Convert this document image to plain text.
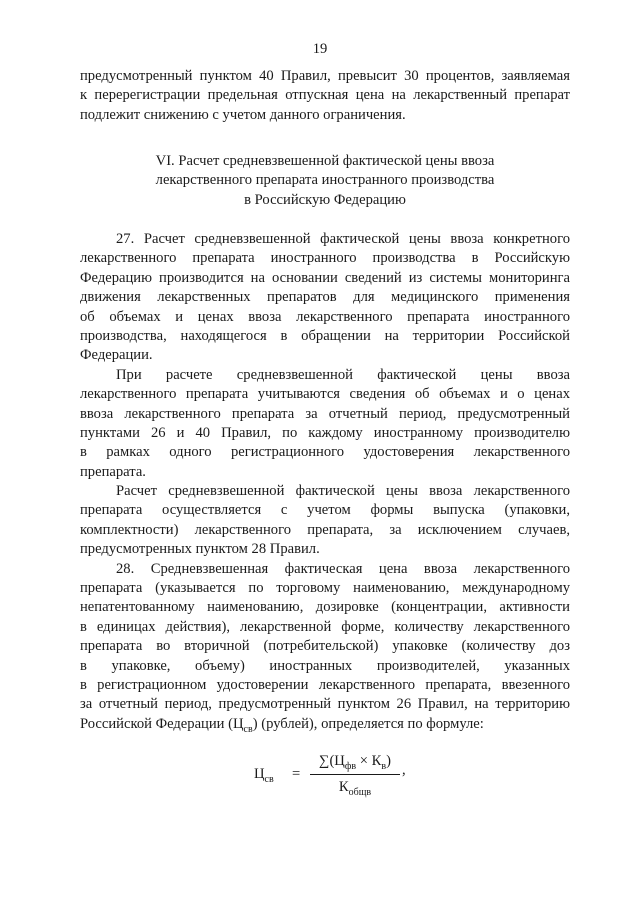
19
предусмотренный пунктом 40 Правил, превысит 30 процентов, заявляемая
к перерегистрации предельная отпускная цена на лекарственный препарат
подлежит снижению с учетом данного ограничения.
VI. Расчет средневзвешенной фактической цены ввоза
лекарственного препарата иностранного производства
в Российскую Федерацию
27. Расчет средневзвешенной фактической цены ввоза конкретного
лекарственного препарата иностранного производства в Российскую
Федерацию производится на основании сведений из системы мониторинга
движения лекарственных препаратов для медицинского применения
об объемах и ценах ввоза лекарственного препарата иностранного
производства, находящегося в обращении на территории Российской
Федерации.
При расчете средневзвешенной фактической цены ввоза
лекарственного препарата учитываются сведения об объемах и о ценах
ввоза лекарственного препарата за отчетный период, предусмотренный
пунктами 26 и 40 Правил, по каждому иностранному производителю
в рамках одного регистрационного удостоверения лекарственного
препарата.
Расчет средневзвешенной фактической цены ввоза лекарственного
препарата осуществляется с учетом формы выпуска (упаковки,
комплектности) лекарственного препарата, за исключением случаев,
предусмотренных пунктом 28 Правил.
28. Средневзвешенная фактическая цена ввоза лекарственного
препарата (указывается по торговому наименованию, международному
непатентованному наименованию, дозировке (концентрации, активности
в единицах действия), лекарственной форме, количеству лекарственного
препарата во вторичной (потребительской) упаковке (количеству доз
в упаковке, объему) иностранных производителей, указанных
в регистрационном удостоверении лекарственного препарата, ввезенного
за отчетный период, предусмотренный пунктом 26 Правил, на территорию
Российской Федерации $(Ц_{св})$ (рублей), определяется по формуле:
$Ц_{св}$ =
$\sum(Ц_{фв} \times К_в)$
$К_{общв}$
,
